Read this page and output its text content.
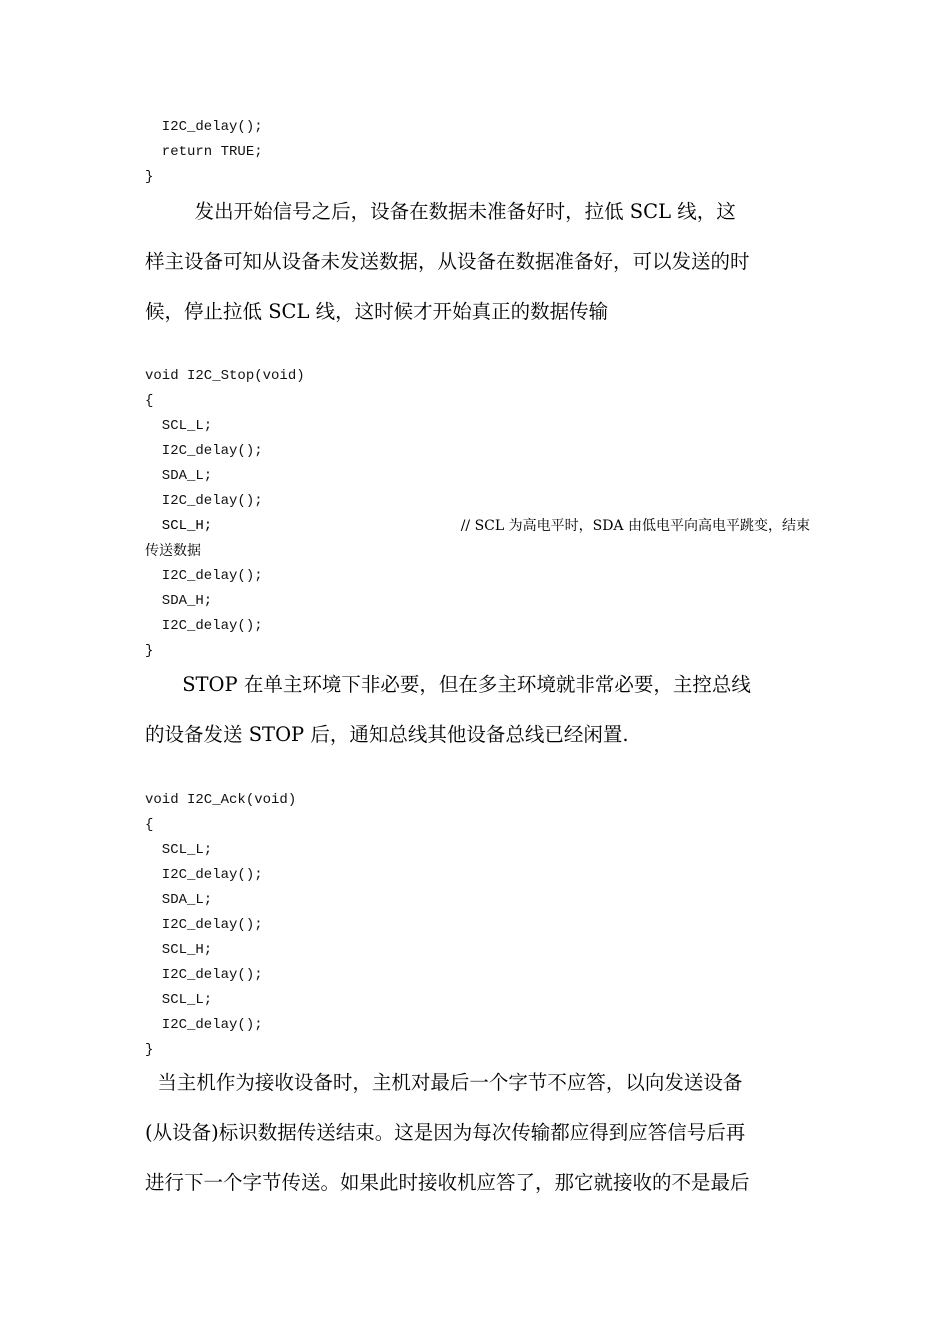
I2C_delay();
return TRUE;
}
发出开始信号之后，设备在数据未准备好时，拉低 SCL 线，这
样主设备可知从设备未发送数据，从设备在数据准备好，可以发送的时
候，停止拉低 SCL 线，这时候才开始真正的数据传输
void I2C_Stop(void)
{
SCL_L;
I2C_delay();
SDA_L;
I2C_delay();
SCL_H;	// SCL 为高电平时，SDA 由低电平向高电平跳变，结束
传送数据
I2C_delay();
SDA_H;
I2C_delay();
}
STOP 在单主环境下非必要，但在多主环境就非常必要，主控总线
的设备发送 STOP 后，通知总线其他设备总线已经闲置.
void I2C_Ack(void)
{
SCL_L;
I2C_delay();
SDA_L;
I2C_delay();
SCL_H;
I2C_delay();
SCL_L;
I2C_delay();
}
当主机作为接收设备时，主机对最后一个字节不应答，以向发送设备
(从设备)标识数据传送结束。这是因为每次传输都应得到应答信号后再
进行下一个字节传送。如果此时接收机应答了，那它就接收的不是最后
